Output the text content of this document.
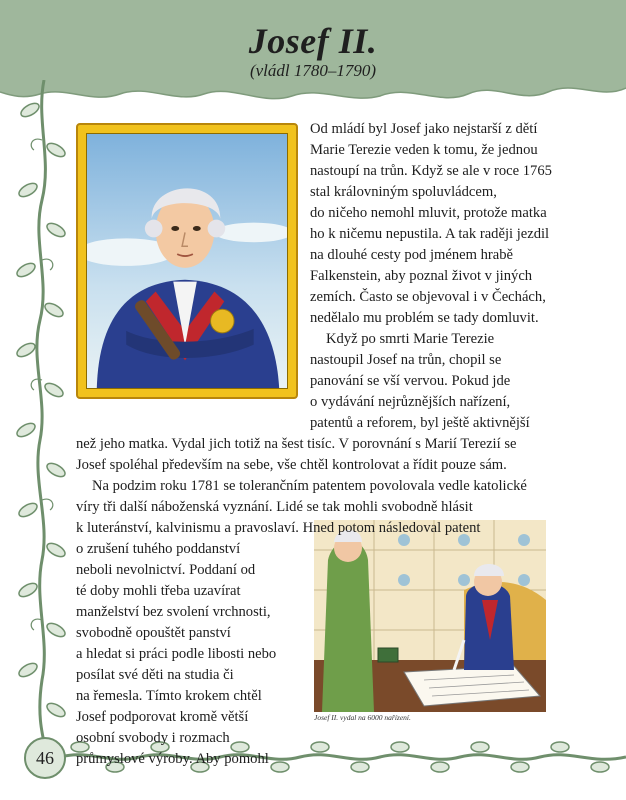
Josef II.
(vládl 1780–1790)
46
Josef II. vydal na 6000 nařízení.
Od mládí byl Josef jako nejstarší z dětí
Marie Terezie veden k tomu, že jednou
nastoupí na trůn. Když se ale v roce 1765
stal královniným spoluvládcem,
do ničeho nemohl mluvit, protože matka
ho k ničemu nepustila. A tak raději jezdil
na dlouhé cesty pod jménem hrabě
Falkenstein, aby poznal život v jiných
zemích. Často se objevoval i v Čechách,
nedělalo mu problém se tady domluvit.
Když po smrti Marie Terezie
nastoupil Josef na trůn, chopil se
panování se vší vervou. Pokud jde
o vydávání nejrůznějších nařízení,
patentů a reforem, byl ještě aktivnější
než jeho matka. Vydal jich totiž na šest tisíc. V porovnání s Marií Terezií se
Josef spoléhal především na sebe, vše chtěl kontrolovat a řídit pouze sám.
Na podzim roku 1781 se tolerančním patentem povolovala vedle katolické
víry tři další náboženská vyznání. Lidé se tak mohli svobodně hlásit
k luteránství, kalvinismu a pravoslaví. Hned potom následoval patent
o zrušení tuhého poddanství
neboli nevolnictví. Poddaní od
té doby mohli třeba uzavírat
manželství bez svolení vrchnosti,
svobodně opouštět panství
a hledat si práci podle libosti nebo
posílat své děti na studia či
na řemesla. Tímto krokem chtěl
Josef podporovat kromě větší
osobní svobody i rozmach
průmyslové výroby. Aby pomohl
